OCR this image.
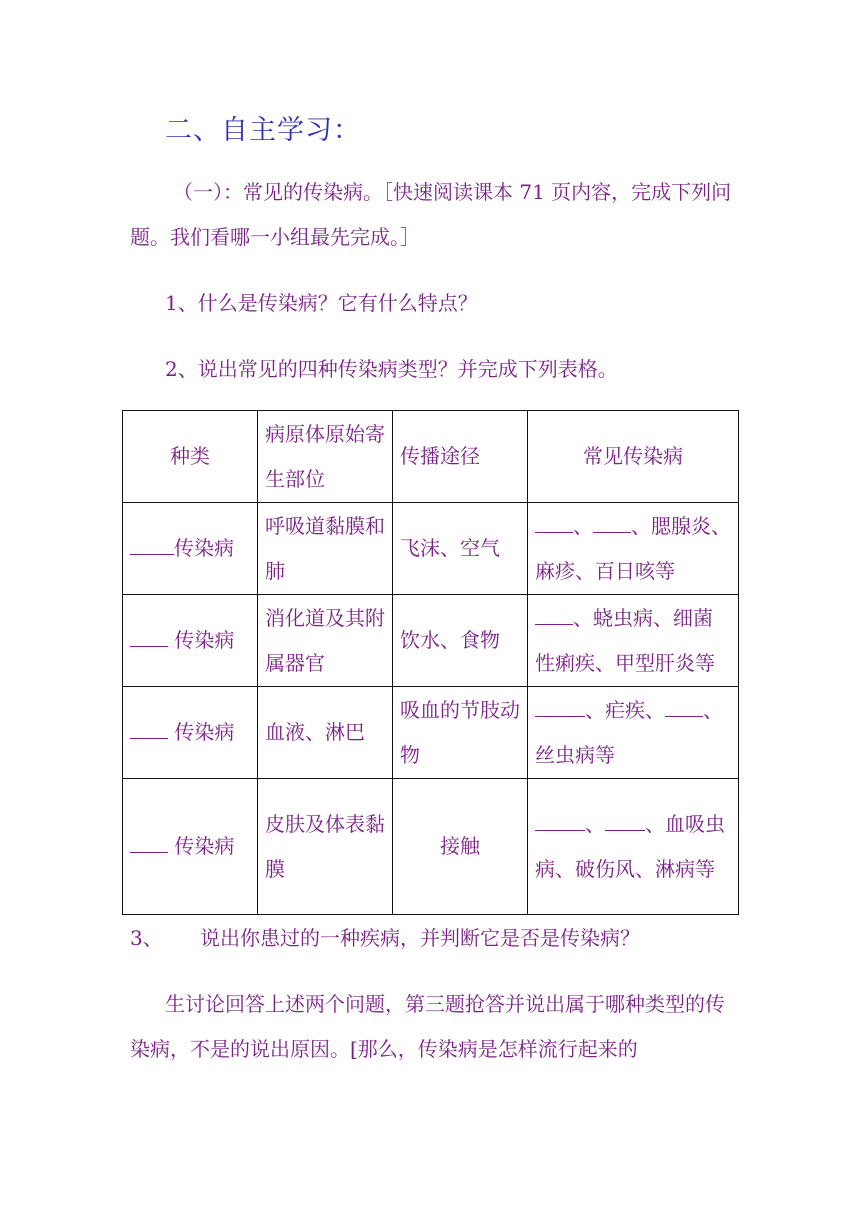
二、自主学习：
（一）：常见的传染病。［快速阅读课本 71 页内容，完成下列问题。我们看哪一小组最先完成。］
1、什么是传染病？它有什么特点？
2、说出常见的四种传染病类型？并完成下列表格。
种类	病原体原始寄生部位	传播途径	常见传染病
传染病	呼吸道黏膜和肺	飞沫、空气	、 、腮腺炎、麻疹、百日咳等
传染病	消化道及其附属器官	饮水、食物	、蛲虫病、细菌性痢疾、甲型肝炎等
传染病	血液、淋巴	吸血的节肢动物	、疟疾、 、丝虫病等
传染病	皮肤及体表黏膜	接触	、 、血吸虫病、破伤风、淋病等
3、 说出你患过的一种疾病，并判断它是否是传染病？
生讨论回答上述两个问题，第三题抢答并说出属于哪种类型的传染病，不是的说出原因。[那么，传染病是怎样流行起来的
